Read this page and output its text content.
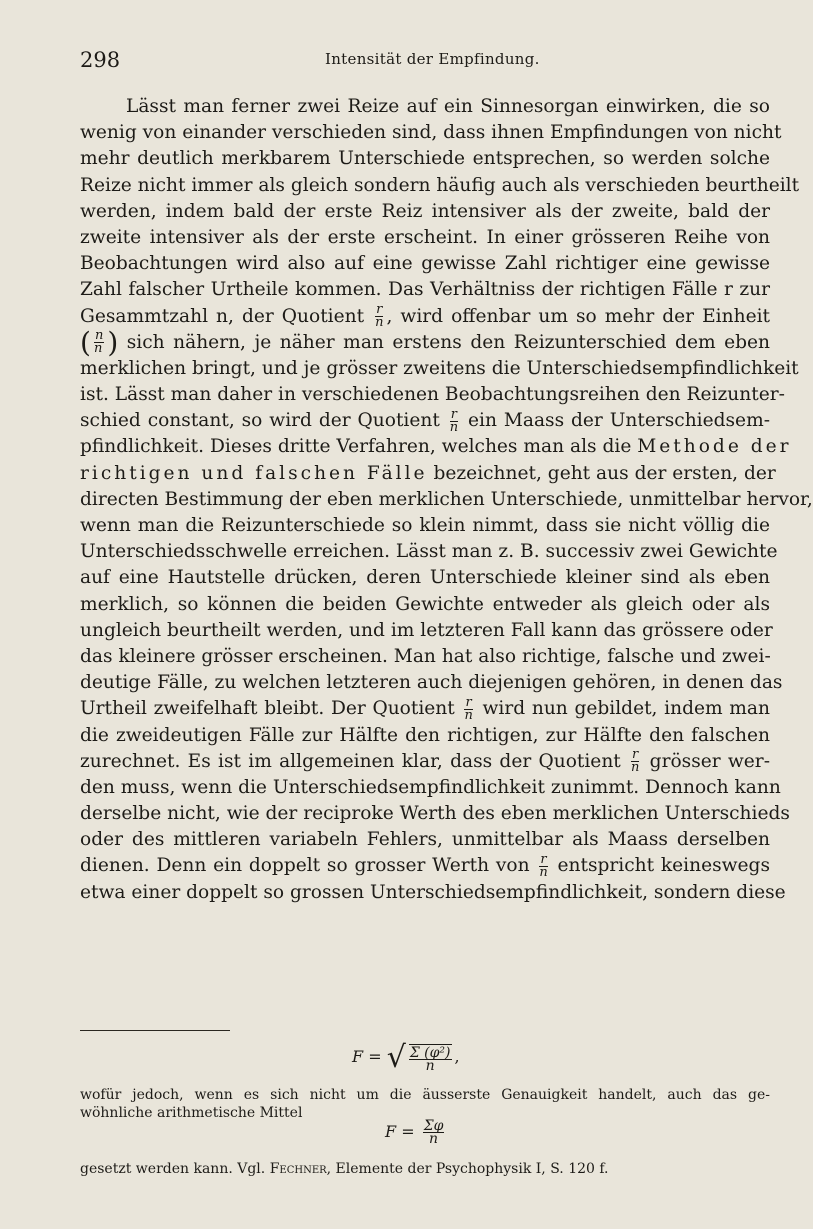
298	Intensität der Empfindung.
Lässt man ferner zwei Reize auf ein Sinnesorgan einwirken, die so
wenig von einander verschieden sind, dass ihnen Empfindungen von nicht
mehr deutlich merkbarem Unterschiede entsprechen, so werden solche
Reize nicht immer als gleich sondern häufig auch als verschieden beurtheilt
werden, indem bald der erste Reiz intensiver als der zweite, bald der
zweite intensiver als der erste erscheint. In einer grösseren Reihe von
Beobachtungen wird also auf eine gewisse Zahl richtiger eine gewisse
Zahl falscher Urtheile kommen. Das Verhältniss der richtigen Fälle r zur
Gesammtzahl n, der Quotient $\frac{r}{n}$ , wird offenbar um so mehr der Einheit
( $\frac{n}{n}$ ) sich nähern, je näher man erstens den Reizunterschied dem eben
merklichen bringt, und je grösser zweitens die Unterschiedsempfindlichkeit
ist. Lässt man daher in verschiedenen Beobachtungsreihen den Reizunter-
schied constant, so wird der Quotient $\frac{r}{n}$ ein Maass der Unterschiedsem-
pfindlichkeit. Dieses dritte Verfahren, welches man als die Methode der
richtigen und falschen Fälle bezeichnet, geht aus der ersten, der
directen Bestimmung der eben merklichen Unterschiede, unmittelbar hervor,
wenn man die Reizunterschiede so klein nimmt, dass sie nicht völlig die
Unterschiedsschwelle erreichen. Lässt man z. B. successiv zwei Gewichte
auf eine Hautstelle drücken, deren Unterschiede kleiner sind als eben
merklich, so können die beiden Gewichte entweder als gleich oder als
ungleich beurtheilt werden, und im letzteren Fall kann das grössere oder
das kleinere grösser erscheinen. Man hat also richtige, falsche und zwei-
deutige Fälle, zu welchen letzteren auch diejenigen gehören, in denen das
Urtheil zweifelhaft bleibt. Der Quotient $\frac{r}{n}$ wird nun gebildet, indem man
die zweideutigen Fälle zur Hälfte den richtigen, zur Hälfte den falschen
zurechnet. Es ist im allgemeinen klar, dass der Quotient $\frac{r}{n}$ grösser wer-
den muss, wenn die Unterschiedsempfindlichkeit zunimmt. Dennoch kann
derselbe nicht, wie der reciproke Werth des eben merklichen Unterschieds
oder des mittleren variabeln Fehlers, unmittelbar als Maass derselben
dienen. Denn ein doppelt so grosser Werth von $\frac{r}{n}$ entspricht keineswegs
etwa einer doppelt so grossen Unterschiedsempfindlichkeit, sondern diese
F = √ $\frac{\text{Σ (φ²)}}{n}$ ,
wofür jedoch, wenn es sich nicht um die äusserste Genauigkeit handelt, auch das ge-
wöhnliche arithmetische Mittel
$F = \frac{\Sigma\varphi}{n}$
gesetzt werden kann. Vgl. Fechner, Elemente der Psychophysik I, S. 120 f.
